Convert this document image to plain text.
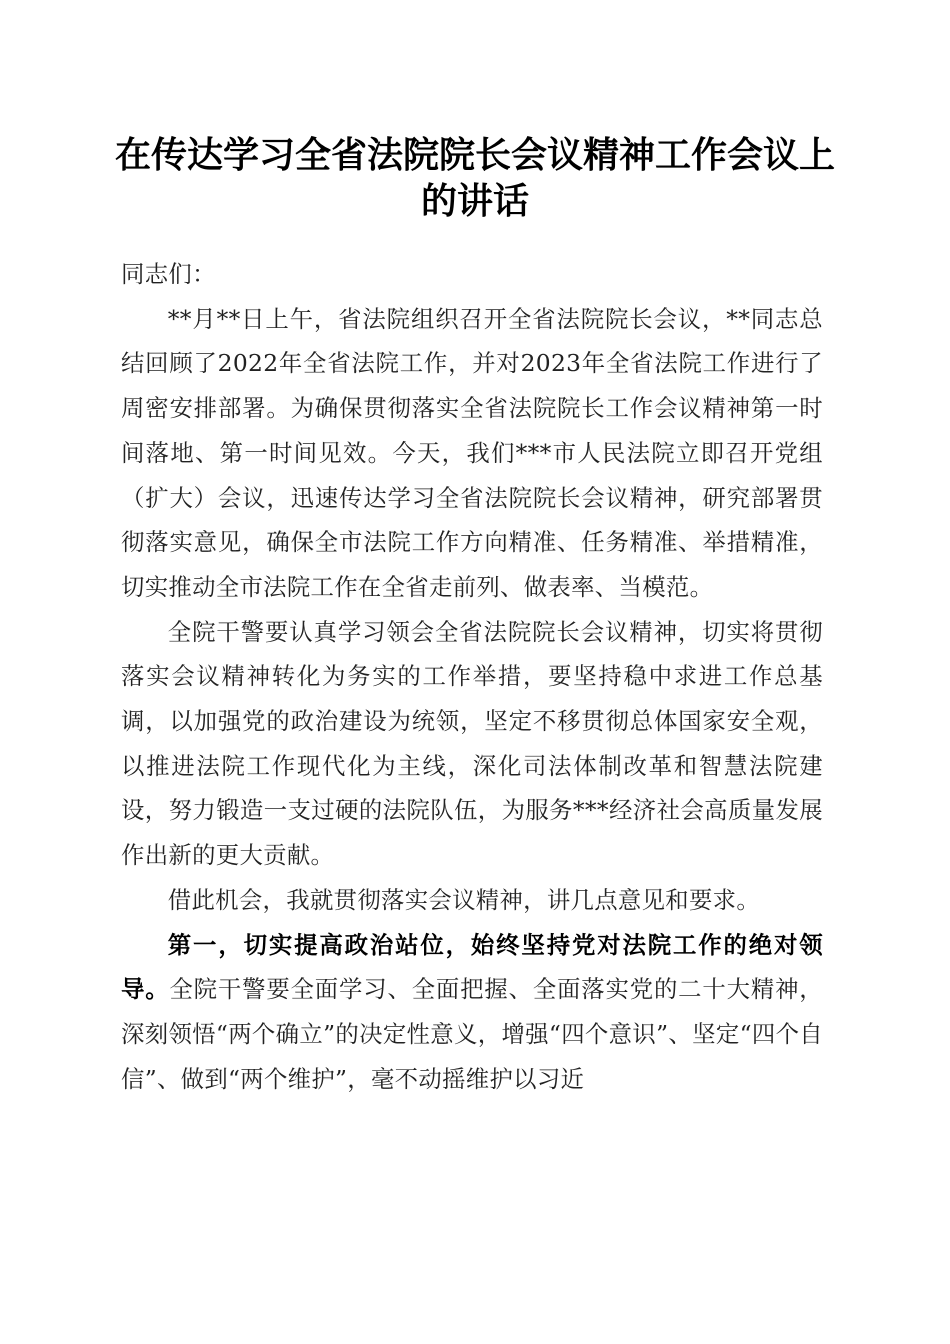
在传达学习全省法院院长会议精神工作会议上的讲话

同志们：

**月**日上午，省法院组织召开全省法院院长会议，**同志总结回顾了2022年全省法院工作，并对2023年全省法院工作进行了周密安排部署。为确保贯彻落实全省法院院长工作会议精神第一时间落地、第一时间见效。今天，我们***市人民法院立即召开党组（扩大）会议，迅速传达学习全省法院院长会议精神，研究部署贯彻落实意见，确保全市法院工作方向精准、任务精准、举措精准，切实推动全市法院工作在全省走前列、做表率、当模范。

全院干警要认真学习领会全省法院院长会议精神，切实将贯彻落实会议精神转化为务实的工作举措，要坚持稳中求进工作总基调，以加强党的政治建设为统领，坚定不移贯彻总体国家安全观，以推进法院工作现代化为主线，深化司法体制改革和智慧法院建设，努力锻造一支过硬的法院队伍，为服务***经济社会高质量发展作出新的更大贡献。

借此机会，我就贯彻落实会议精神，讲几点意见和要求。

第一，切实提高政治站位，始终坚持党对法院工作的绝对领导。全院干警要全面学习、全面把握、全面落实党的二十大精神，深刻领悟“两个确立”的决定性意义，增强“四个意识”、坚定“四个自信”、做到“两个维护”，毫不动摇维护以习近
